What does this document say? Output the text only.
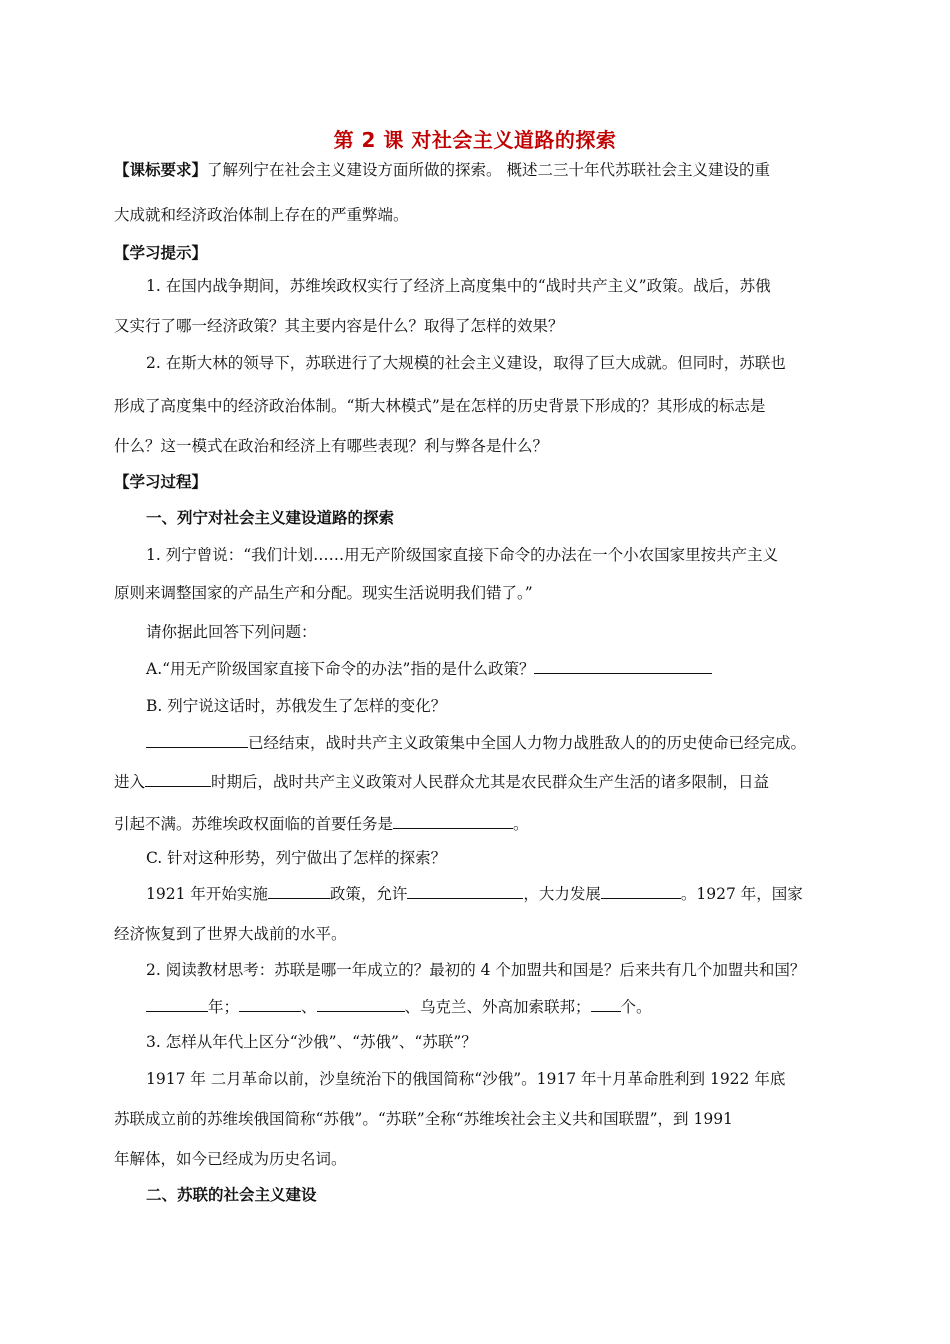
第 2 课 对社会主义道路的探索
【课标要求】了解列宁在社会主义建设方面所做的探索。 概述二三十年代苏联社会主义建设的重
大成就和经济政治体制上存在的严重弊端。
【学习提示】
1. 在国内战争期间，苏维埃政权实行了经济上高度集中的“战时共产主义”政策。战后，苏俄
又实行了哪一经济政策？其主要内容是什么？取得了怎样的效果？
2. 在斯大林的领导下，苏联进行了大规模的社会主义建设，取得了巨大成就。但同时，苏联也
形成了高度集中的经济政治体制。“斯大林模式”是在怎样的历史背景下形成的？其形成的标志是
什么？这一模式在政治和经济上有哪些表现？利与弊各是什么？
【学习过程】
一、列宁对社会主义建设道路的探索
1. 列宁曾说：“我们计划……用无产阶级国家直接下命令的办法在一个小农国家里按共产主义
原则来调整国家的产品生产和分配。现实生活说明我们错了。”
请你据此回答下列问题：
A.“用无产阶级国家直接下命令的办法”指的是什么政策？
B. 列宁说这话时，苏俄发生了怎样的变化？
已经结束，战时共产主义政策集中全国人力物力战胜敌人的的历史使命已经完成。
进入	时期后，战时共产主义政策对人民群众尤其是农民群众生产生活的诸多限制，日益
引起不满。苏维埃政权面临的首要任务是	。
C. 针对这种形势，列宁做出了怎样的探索？
1921 年开始实施	政策，允许	，大力发展	。1927 年，国家
经济恢复到了世界大战前的水平。
2. 阅读教材思考：苏联是哪一年成立的？最初的 4 个加盟共和国是？后来共有几个加盟共和国？
年；	、	、乌克兰、外高加索联邦； 个。
3. 怎样从年代上区分“沙俄”、“苏俄”、“苏联”？
1917 年 二月革命以前，沙皇统治下的俄国简称“沙俄”。1917 年十月革命胜利到 1922 年底
苏联成立前的苏维埃俄国简称“苏俄”。“苏联”全称“苏维埃社会主义共和国联盟”，到 1991
年解体，如今已经成为历史名词。
二、苏联的社会主义建设
